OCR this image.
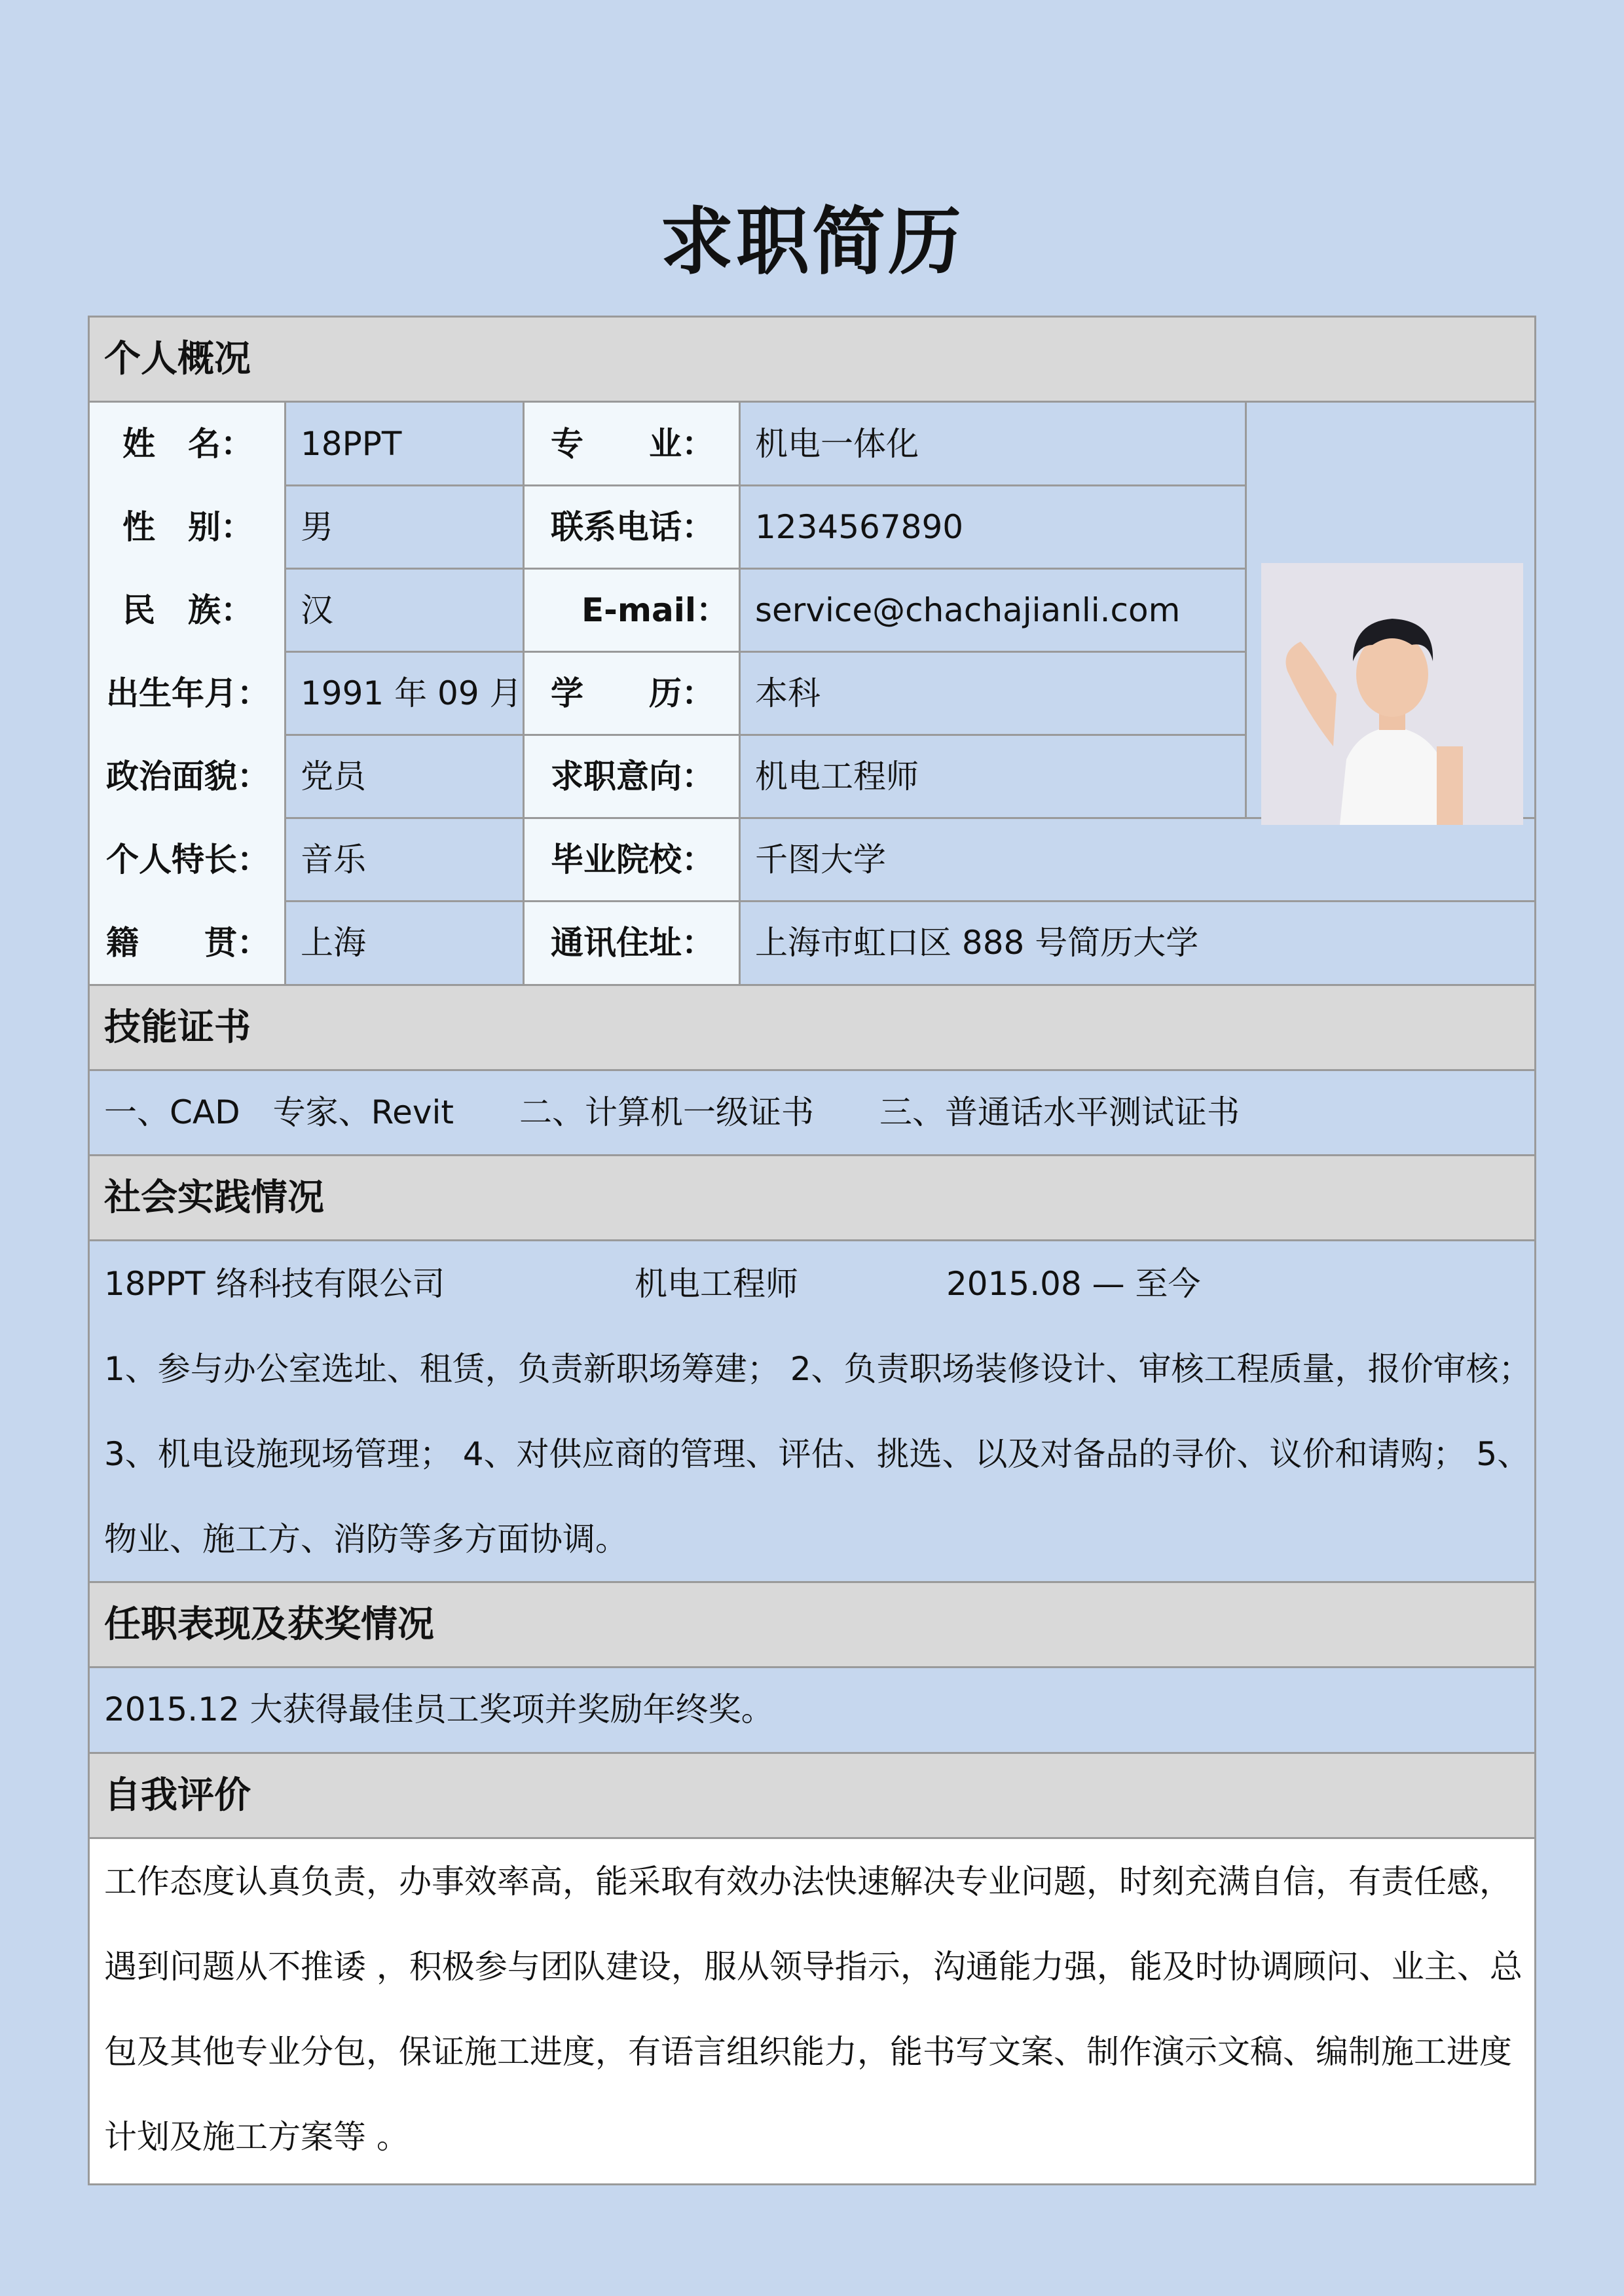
求职简历
个人概况
姓　名：	18PPT	专　　业：	机电一体化
性　别：	男	联系电话：	1234567890
民　族：	汉	E-mail： service@chachajianli.com
出生年月： 1991 年 09 月 学　　历：	本科
政治面貌： 党员	求职意向：	机电工程师
个人特长： 音乐	毕业院校：	千图大学
籍　　贯： 上海	通讯住址：	上海市虹口区 888 号简历大学
技能证书
一、CAD　专家、Revit　　二、计算机一级证书　　三、普通话水平测试证书
社会实践情况
18PPT 络科技有限公司	机电工程师	2015.08 — 至今
1、参与办公室选址、租赁，负责新职场筹建； 2、负责职场装修设计、审核工程质量，报价审核；
3、机电设施现场管理； 4、对供应商的管理、评估、挑选、以及对备品的寻价、议价和请购； 5、
物业、施工方、消防等多方面协调。
任职表现及获奖情况
2015.12 大获得最佳员工奖项并奖励年终奖。
自我评价
工作态度认真负责，办事效率高，能采取有效办法快速解决专业问题，时刻充满自信，有责任感，
遇到问题从不推诿 ，积极参与团队建设，服从领导指示，沟通能力强，能及时协调顾问、业主、总
包及其他专业分包，保证施工进度，有语言组织能力，能书写文案、制作演示文稿、编制施工进度
计划及施工方案等 。
